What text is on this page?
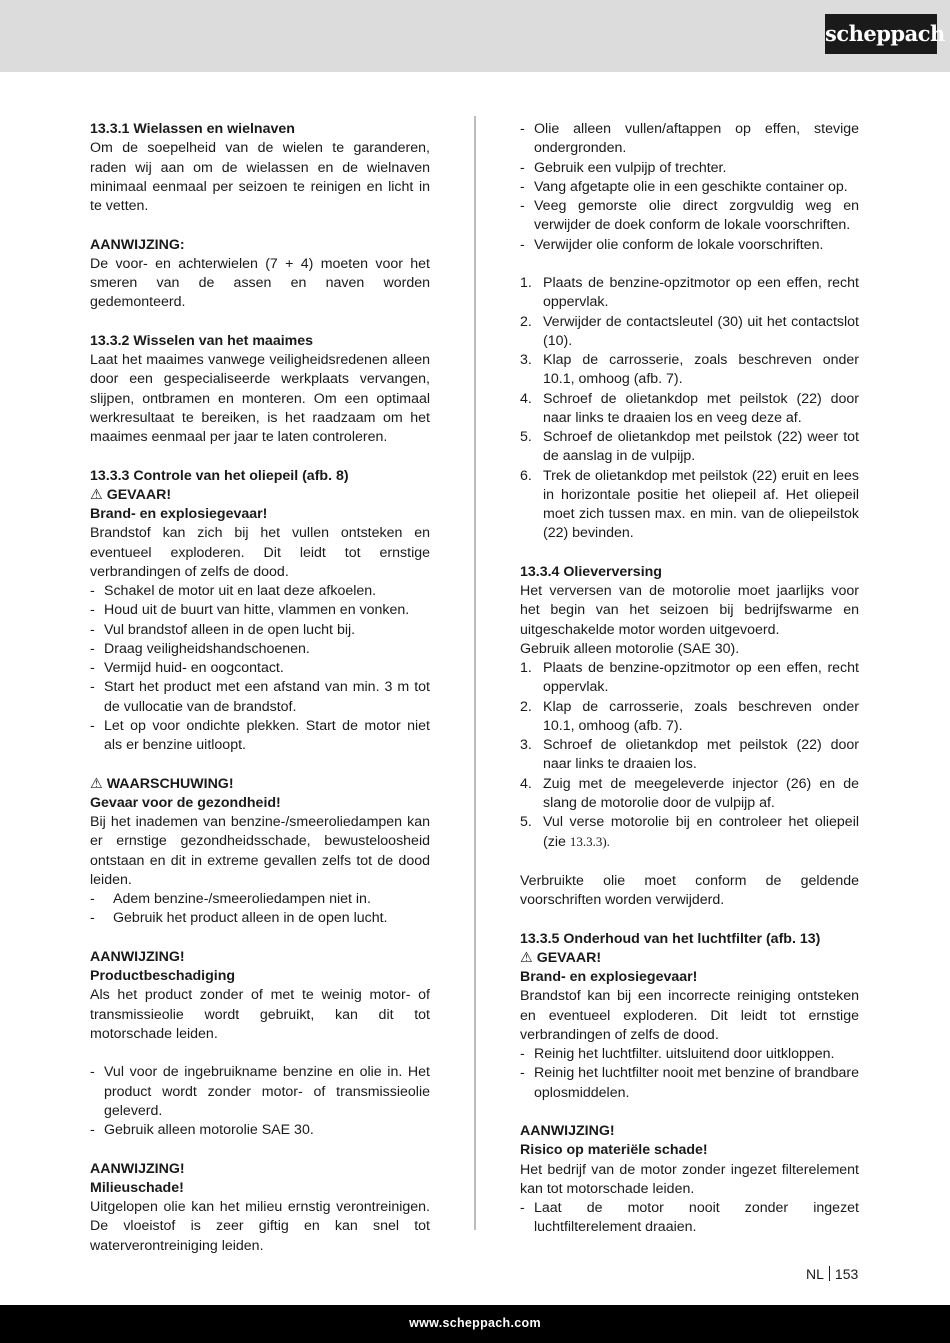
scheppach

13.3.1 Wielassen en wielnaven

Om de soepelheid van de wielen te garanderen, raden wij aan om de wielassen en de wielnaven minimaal eenmaal per seizoen te reinigen en licht in te vetten.

AANWIJZING:

De voor- en achterwielen (7 + 4) moeten voor het smeren van de assen en naven worden gedemonteerd.

13.3.2 Wisselen van het maaimes

Laat het maaimes vanwege veiligheidsredenen alleen door een gespecialiseerde werkplaats vervangen, slijpen, ontbramen en monteren. Om een optimaal werkresultaat te bereiken, is het raadzaam om het maaimes eenmaal per jaar te laten controleren.

13.3.3 Controle van het oliepeil (afb. 8)

⚠ GEVAAR!

Brand- en explosiegevaar!

Brandstof kan zich bij het vullen ontsteken en eventueel exploderen. Dit leidt tot ernstige verbrandingen of zelfs de dood.

- Schakel de motor uit en laat deze afkoelen.
- Houd uit de buurt van hitte, vlammen en vonken.
- Vul brandstof alleen in de open lucht bij.
- Draag veiligheidshandschoenen.
- Vermijd huid- en oogcontact.
- Start het product met een afstand van min. 3 m tot de vullocatie van de brandstof.
- Let op voor ondichte plekken. Start de motor niet als er benzine uitloopt.

⚠ WAARSCHUWING!

Gevaar voor de gezondheid!

Bij het inademen van benzine-/smeeroliedampen kan er ernstige gezondheidsschade, bewusteloosheid ontstaan en dit in extreme gevallen zelfs tot de dood leiden.

- Adem benzine-/smeeroliedampen niet in.
- Gebruik het product alleen in de open lucht.

AANWIJZING!

Productbeschadiging

Als het product zonder of met te weinig motor- of transmissieolie wordt gebruikt, kan dit tot motorschade leiden.

- Vul voor de ingebruikname benzine en olie in. Het product wordt zonder motor- of transmissieolie geleverd.
- Gebruik alleen motorolie SAE 30.

AANWIJZING!

Milieuschade!

Uitgelopen olie kan het milieu ernstig verontreinigen. De vloeistof is zeer giftig en kan snel tot waterverontreiniging leiden.

- Olie alleen vullen/aftappen op effen, stevige ondergronden.
- Gebruik een vulpijp of trechter.
- Vang afgetapte olie in een geschikte container op.
- Veeg gemorste olie direct zorgvuldig weg en verwijder de doek conform de lokale voorschriften.
- Verwijder olie conform de lokale voorschriften.
1. Plaats de benzine-opzitmotor op een effen, recht oppervlak.
2. Verwijder de contactsleutel (30) uit het contactslot (10).
3. Klap de carrosserie, zoals beschreven onder 10.1, omhoog (afb. 7).
4. Schroef de olietankdop met peilstok (22) door naar links te draaien los en veeg deze af.
5. Schroef de olietankdop met peilstok (22) weer tot de aanslag in de vulpijp.
6. Trek de olietankdop met peilstok (22) eruit en lees in horizontale positie het oliepeil af. Het oliepeil moet zich tussen max. en min. van de oliepeilstok (22) bevinden.

13.3.4 Olieverversing

Het verversen van de motorolie moet jaarlijks voor het begin van het seizoen bij bedrijfswarme en uitgeschakelde motor worden uitgevoerd.

Gebruik alleen motorolie (SAE 30).

1. Plaats de benzine-opzitmotor op een effen, recht oppervlak.
2. Klap de carrosserie, zoals beschreven onder 10.1, omhoog (afb. 7).
3. Schroef de olietankdop met peilstok (22) door naar links te draaien los.
4. Zuig met de meegeleverde injector (26) en de slang de motorolie door de vulpijp af.
5. Vul verse motorolie bij en controleer het oliepeil (zie 13.3.3).

Verbruikte olie moet conform de geldende voorschriften worden verwijderd.

13.3.5 Onderhoud van het luchtfilter (afb. 13)

⚠ GEVAAR!

Brand- en explosiegevaar!

Brandstof kan bij een incorrecte reiniging ontsteken en eventueel exploderen. Dit leidt tot ernstige verbrandingen of zelfs de dood.

- Reinig het luchtfilter. uitsluitend door uitkloppen.
- Reinig het luchtfilter nooit met benzine of brandbare oplosmiddelen.

AANWIJZING!

Risico op materiële schade!

Het bedrijf van de motor zonder ingezet filterelement kan tot motorschade leiden.

- Laat de motor nooit zonder ingezet luchtfilterelement draaien.
NL 153
www.scheppach.com
